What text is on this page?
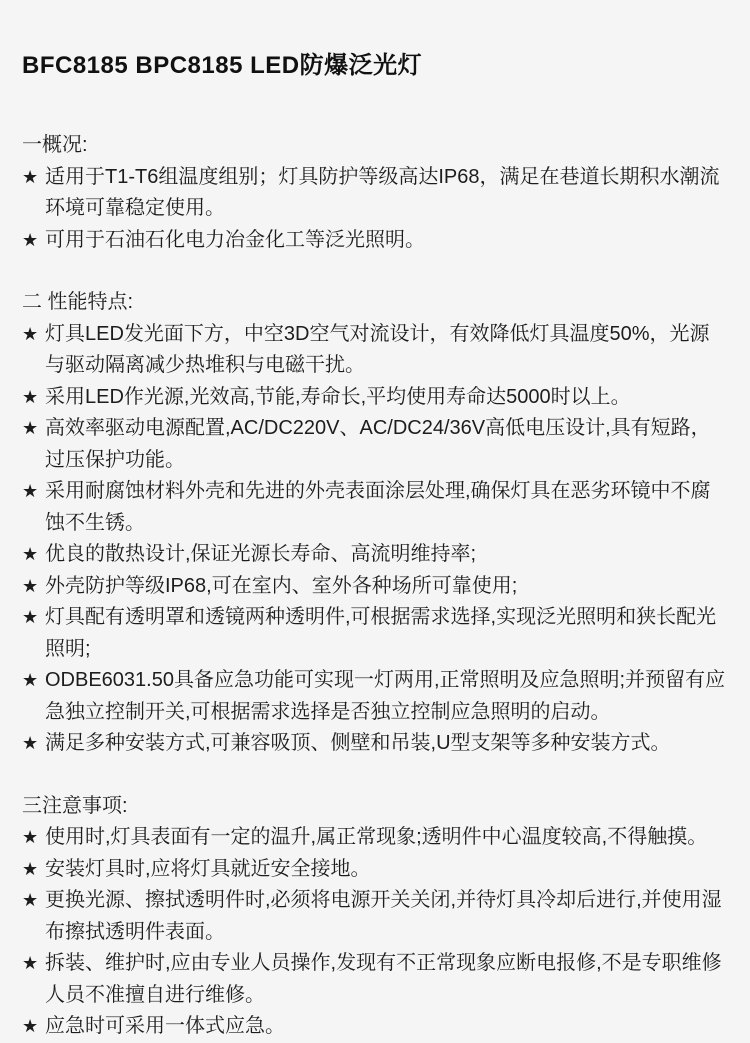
BFC8185 BPC8185 LED防爆泛光灯

一概况:

★ 适用于T1-T6组温度组别；灯具防护等级高达IP68，满足在巷道长期积水潮流环境可靠稳定使用。
★ 可用于石油石化电力冶金化工等泛光照明。

二 性能特点:

★ 灯具LED发光面下方，中空3D空气对流设计，有效降低灯具温度50%，光源与驱动隔离减少热堆积与电磁干扰。
★ 采用LED作光源,光效高,节能,寿命长,平均使用寿命达5000时以上。
★ 高效率驱动电源配置,AC/DC220V、AC/DC24/36V高低电压设计,具有短路，过压保护功能。
★ 采用耐腐蚀材料外壳和先进的外壳表面涂层处理,确保灯具在恶劣环镜中不腐蚀不生锈。
★ 优良的散热设计,保证光源长寿命、高流明维持率;
★ 外壳防护等级IP68,可在室内、室外各种场所可靠使用;
★ 灯具配有透明罩和透镜两种透明件,可根据需求选择,实现泛光照明和狭长配光照明;
★ ODBE6031.50具备应急功能可实现一灯两用,正常照明及应急照明;并预留有应急独立控制开关,可根据需求选择是否独立控制应急照明的启动。
★ 满足多种安装方式,可兼容吸顶、侧壁和吊装,U型支架等多种安装方式。

三注意事项:

★ 使用时,灯具表面有一定的温升,属正常现象;透明件中心温度较高,不得触摸。
★ 安装灯具时,应将灯具就近安全接地。
★ 更换光源、擦拭透明件时,必须将电源开关关闭,并待灯具冷却后进行,并使用湿布擦拭透明件表面。
★ 拆装、维护时,应由专业人员操作,发现有不正常现象应断电报修,不是专职维修人员不准擅自进行维修。
★ 应急时可采用一体式应急。
